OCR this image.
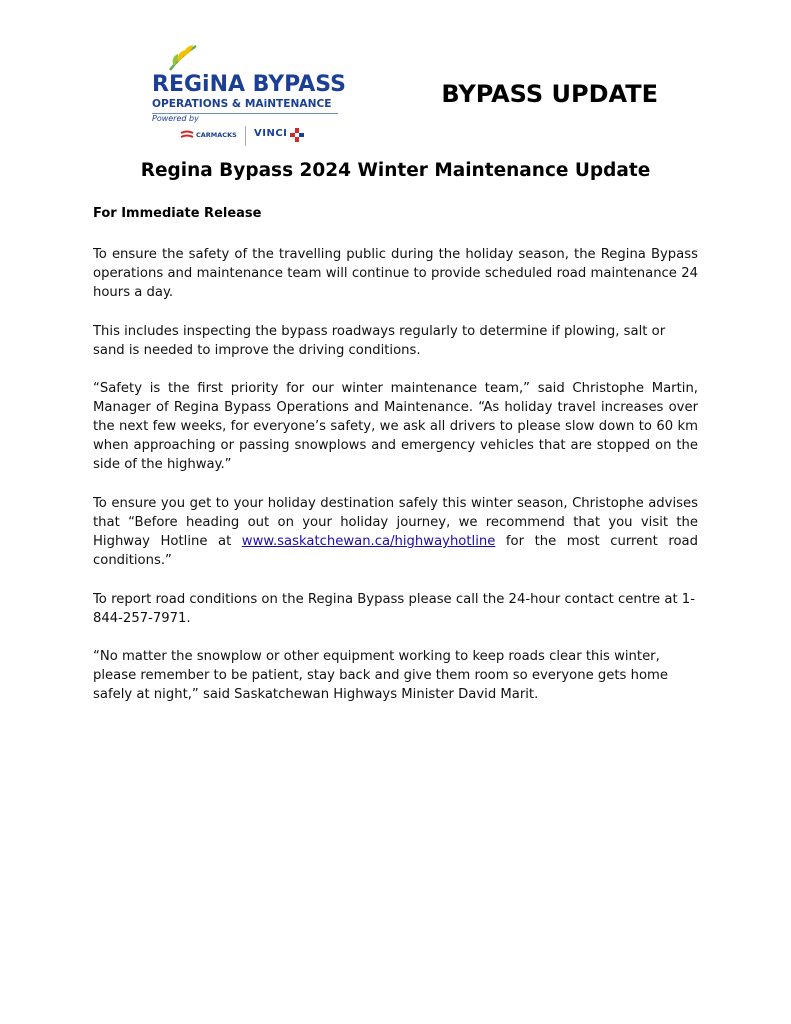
REGiNA BYPASS
OPERATIONS & MAiNTENANCE
Powered by
CARMACKS VINCI
BYPASS UPDATE
Regina Bypass 2024 Winter Maintenance Update
For Immediate Release

To ensure the safety of the travelling public during the holiday season, the Regina Bypass operations and maintenance team will continue to provide scheduled road maintenance 24 hours a day.

This includes inspecting the bypass roadways regularly to determine if plowing, salt or sand is needed to improve the driving conditions.

“Safety is the first priority for our winter maintenance team,” said Christophe Martin, Manager of Regina Bypass Operations and Maintenance. “As holiday travel increases over the next few weeks, for everyone’s safety, we ask all drivers to please slow down to 60 km when approaching or passing snowplows and emergency vehicles that are stopped on the side of the highway.”

To ensure you get to your holiday destination safely this winter season, Christophe advises that “Before heading out on your holiday journey, we recommend that you visit the Highway Hotline at www.saskatchewan.ca/highwayhotline for the most current road conditions.”

To report road conditions on the Regina Bypass please call the 24-hour contact centre at 1-844-257-7971.

“No matter the snowplow or other equipment working to keep roads clear this winter, please remember to be patient, stay back and give them room so everyone gets home safely at night,” said Saskatchewan Highways Minister David Marit.
